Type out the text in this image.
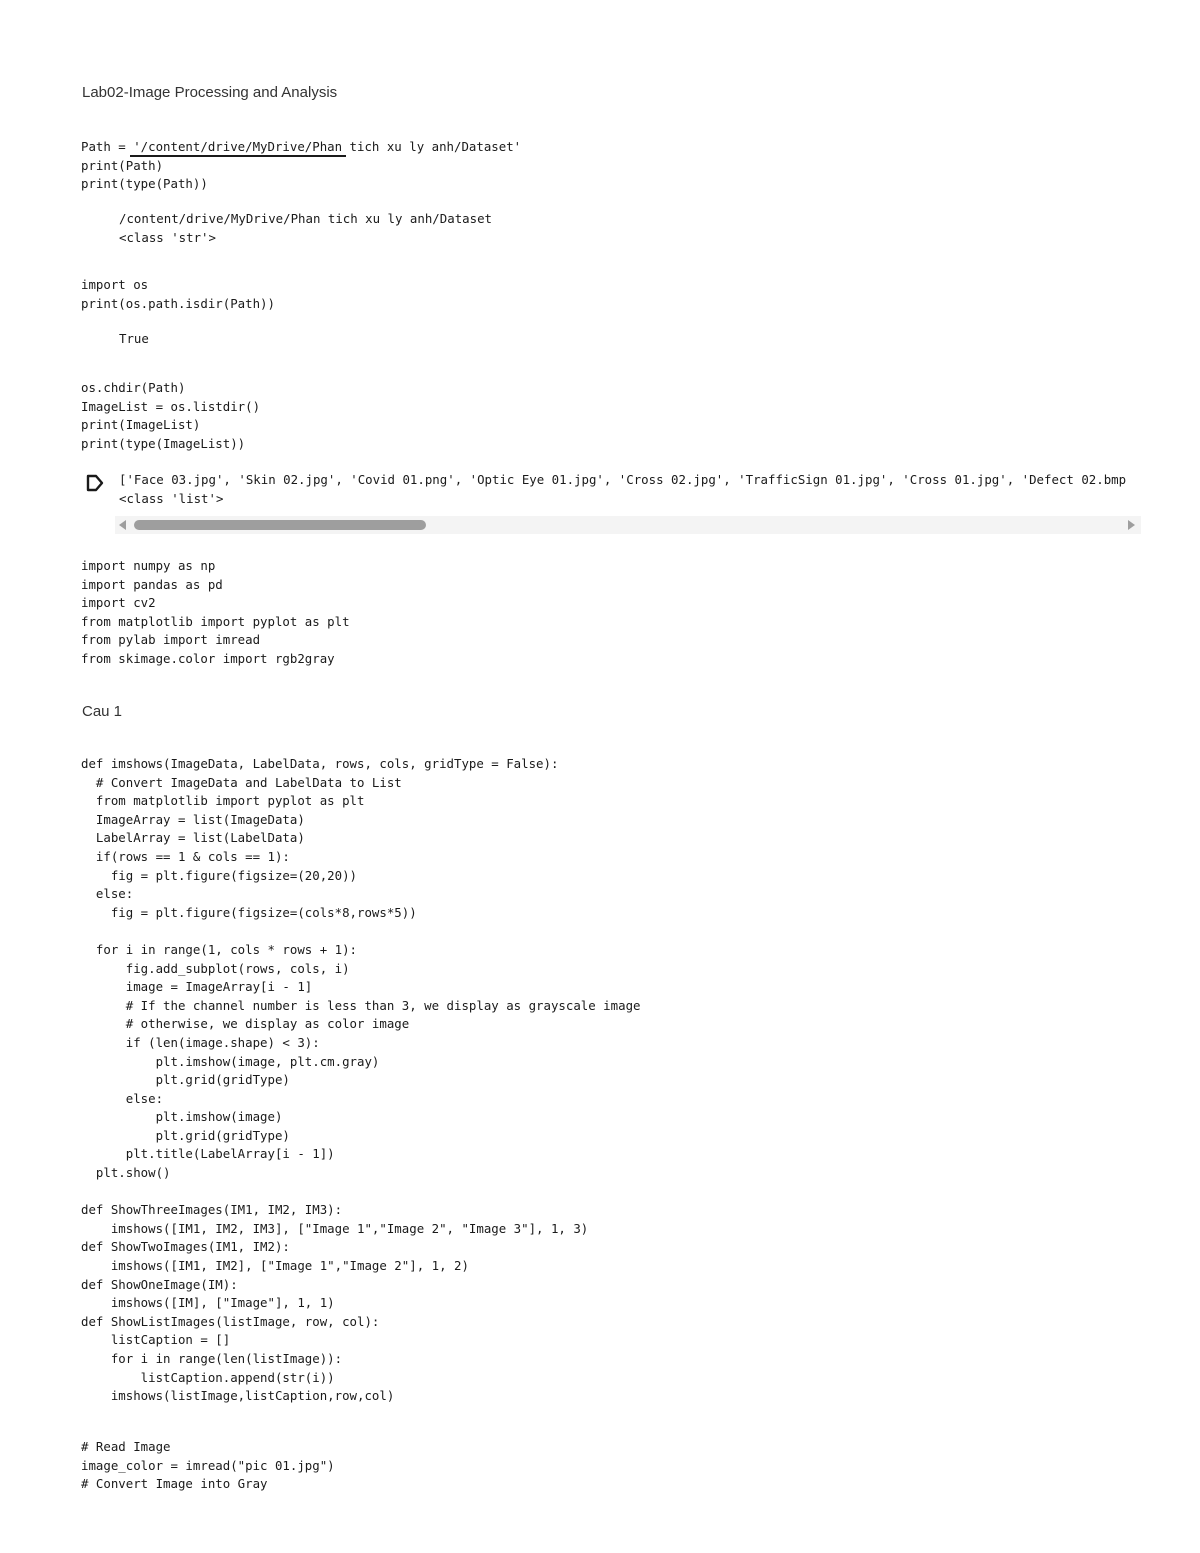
Lab02-Image Processing and Analysis
Path = '/content/drive/MyDrive/Phan tich xu ly anh/Dataset'
print(Path)
print(type(Path))
/content/drive/MyDrive/Phan tich xu ly anh/Dataset
<class 'str'>
import os
print(os.path.isdir(Path))
True
os.chdir(Path)
ImageList = os.listdir()
print(ImageList)
print(type(ImageList))
['Face 03.jpg', 'Skin 02.jpg', 'Covid 01.png', 'Optic Eye 01.jpg', 'Cross 02.jpg', 'TrafficSign 01.jpg', 'Cross 01.jpg', 'Defect 02.bmp
<class 'list'>
import numpy as np
import pandas as pd
import cv2
from matplotlib import pyplot as plt
from pylab import imread
from skimage.color import rgb2gray
Cau 1
def imshows(ImageData, LabelData, rows, cols, gridType = False):
# Convert ImageData and LabelData to List
from matplotlib import pyplot as plt
ImageArray = list(ImageData)
LabelArray = list(LabelData)
if(rows == 1 & cols == 1):
fig = plt.figure(figsize=(20,20))
else:
fig = plt.figure(figsize=(cols*8,rows*5))

for i in range(1, cols * rows + 1):
fig.add_subplot(rows, cols, i)
image = ImageArray[i - 1]
# If the channel number is less than 3, we display as grayscale image
# otherwise, we display as color image
if (len(image.shape) < 3):
plt.imshow(image, plt.cm.gray)
plt.grid(gridType)
else:
plt.imshow(image)
plt.grid(gridType)
plt.title(LabelArray[i - 1])
plt.show()

def ShowThreeImages(IM1, IM2, IM3):
imshows([IM1, IM2, IM3], ["Image 1","Image 2", "Image 3"], 1, 3)
def ShowTwoImages(IM1, IM2):
imshows([IM1, IM2], ["Image 1","Image 2"], 1, 2)
def ShowOneImage(IM):
imshows([IM], ["Image"], 1, 1)
def ShowListImages(listImage, row, col):
listCaption = []
for i in range(len(listImage)):
listCaption.append(str(i))
imshows(listImage,listCaption,row,col)
# Read Image
image_color = imread("pic 01.jpg")
# Convert Image into Gray
